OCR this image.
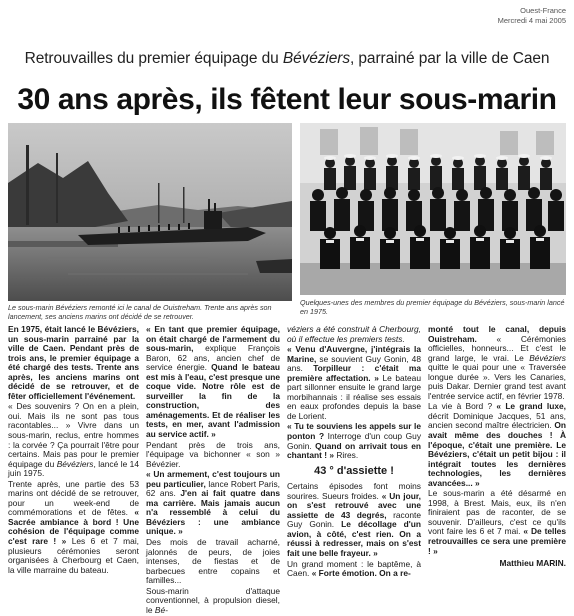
Ouest-France
Mercredi 4 mai 2005
Retrouvailles du premier équipage du Bévéziers, parrainé par la ville de Caen
30 ans après, ils fêtent leur sous-marin
Le sous-marin Bévéziers remonté ici le canal de Ouistreham. Trente ans après son lancement, ses anciens marins ont décidé de se retrouver.
Quelques-unes des membres du premier équipage du Bévéziers, sous-marin lancé en 1975.

En 1975, était lancé le Bévéziers, un sous-marin parrainé par la ville de Caen. Pendant près de trois ans, le premier équipage a été chargé des tests. Trente ans après, les anciens marins ont décidé de se retrouver, et de fêter officiellement l'événement.

« Des souvenirs ? On en a plein, oui. Mais ils ne sont pas tous racontables... » Vivre dans un sous-marin, reclus, entre hommes : la corvée ? Ça pourrait l'être pour certains. Mais pas pour le premier équipage du Bévéziers, lancé le 14 juin 1975.

Trente après, une partie des 53 marins ont décidé de se retrouver, pour un week-end de commémorations et de fêtes. « Sacrée ambiance à bord ! Une cohésion de l'équipage comme c'est rare ! » Les 6 et 7 mai, plusieurs cérémonies seront organisées à Cherbourg et Caen, la ville marraine du bateau.

« En tant que premier équipage, on était chargé de l'armement du sous-marin, explique François Baron, 62 ans, ancien chef de service énergie. Quand le bateau est mis à l'eau, c'est presque une coque vide. Notre rôle est de surveiller la fin de la construction, des aménagements. Et de réaliser les tests, en mer, avant l'admission au service actif. »

Pendant près de trois ans, l'équipage va bichonner « son » Bévézier.

« Un armement, c'est toujours un peu particulier, lance Robert Paris, 62 ans. J'en ai fait quatre dans ma carrière. Mais jamais aucun n'a ressemblé à celui du Bévéziers : une ambiance unique. »

Des mois de travail acharné, jalonnés de peurs, de joies intenses, de fiestas et de barbecues entre copains et familles...

Sous-marin d'attaque conventionnel, à propulsion diesel, le Bé-

véziers a été construit à Cherbourg, où il effectue les premiers tests.

« Venu d'Auvergne, j'intégrais la Marine, se souvient Guy Gonin, 48 ans. Torpilleur : c'était ma première affectation. » Le bateau part sillonner ensuite le grand large morbihannais : il réalise ses essais en eaux profondes depuis la base de Lorient.

« Tu te souviens les appels sur le ponton ? Interroge d'un coup Guy Gonin. Quand on arrivait tous en chantant ! » Rires.

43 ° d'assiette !

Certains épisodes font moins sourires. Sueurs froides. « Un jour, on s'est retrouvé avec une assiette de 43 degrés, raconte Guy Gonin. Le décollage d'un avion, à côté, c'est rien. On a réussi à redresser, mais on s'est fait une belle frayeur. »

Un grand moment : le baptême, à Caen. « Forte émotion. On a re-

monté tout le canal, depuis Ouistreham. « Cérémonies officielles, honneurs... Et c'est le grand large, le vrai. Le Bévéziers quitte le quai pour une « Traversée longue durée ». Vers les Canaries, puis Dakar. Dernier grand test avant l'entrée service actif, en février 1978.

La vie à Bord ? « Le grand luxe, décrit Dominique Jacques, 51 ans, ancien second maître électricien. On avait même des douches ! À l'époque, c'était une première. Le Bévéziers, c'était un petit bijou : il intégrait toutes les dernières technologies, les dernières avancées... »

Le sous-marin a été désarmé en 1998, à Brest. Mais, eux, ils n'en finiraient pas de raconter, de se souvenir. D'ailleurs, c'est ce qu'ils vont faire les 6 et 7 mai. « De telles retrouvailles ce sera une première ! »

Matthieu MARIN.
